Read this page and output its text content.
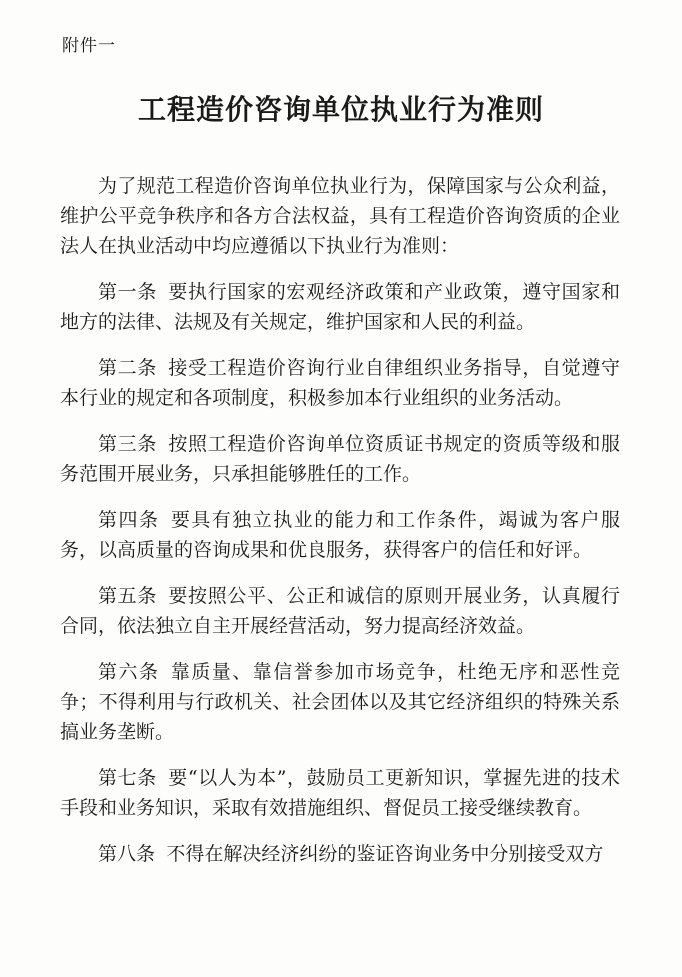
附件一
工程造价咨询单位执业行为准则

为了规范工程造价咨询单位执业行为，保障国家与公众利益，维护公平竞争秩序和各方合法权益，具有工程造价咨询资质的企业法人在执业活动中均应遵循以下执业行为准则：

第一条 要执行国家的宏观经济政策和产业政策，遵守国家和地方的法律、法规及有关规定，维护国家和人民的利益。

第二条 接受工程造价咨询行业自律组织业务指导，自觉遵守本行业的规定和各项制度，积极参加本行业组织的业务活动。

第三条 按照工程造价咨询单位资质证书规定的资质等级和服务范围开展业务，只承担能够胜任的工作。

第四条 要具有独立执业的能力和工作条件，竭诚为客户服务，以高质量的咨询成果和优良服务，获得客户的信任和好评。

第五条 要按照公平、公正和诚信的原则开展业务，认真履行合同，依法独立自主开展经营活动，努力提高经济效益。

第六条 靠质量、靠信誉参加市场竞争，杜绝无序和恶性竞争；不得利用与行政机关、社会团体以及其它经济组织的特殊关系搞业务垄断。

第七条 要“以人为本”，鼓励员工更新知识，掌握先进的技术手段和业务知识，采取有效措施组织、督促员工接受继续教育。

第八条 不得在解决经济纠纷的鉴证咨询业务中分别接受双方
